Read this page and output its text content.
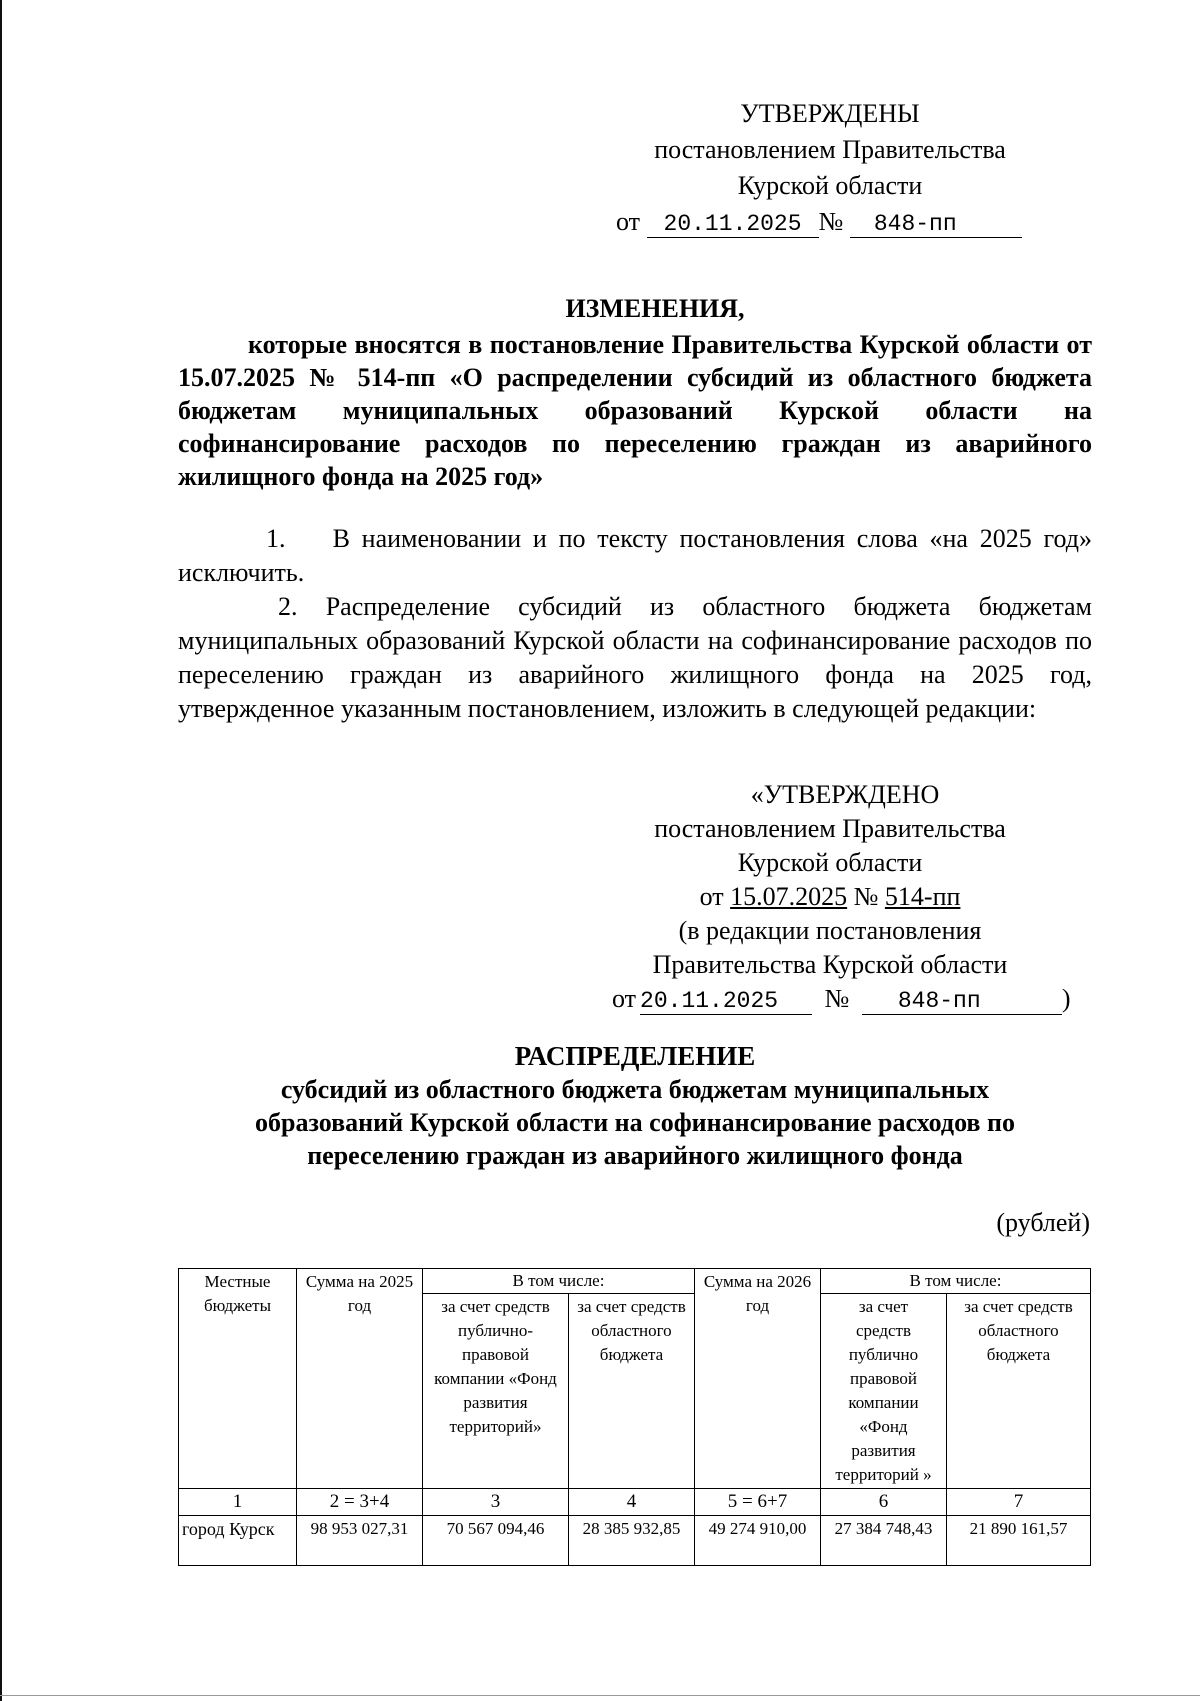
УТВЕРЖДЕНЫ
постановлением Правительства
Курской области
от 20.11.2025 № 848-пп
ИЗМЕНЕНИЯ,
которые вносятся в постановление Правительства Курской области от 15.07.2025 № 514-пп «О распределении субсидий из областного бюджета бюджетам муниципальных образований Курской области на софинансирование расходов по переселению граждан из аварийного жилищного фонда на 2025 год»

1.    В наименовании и по тексту постановления слова «на 2025 год» исключить.

2. Распределение субсидий из областного бюджета бюджетам муниципальных образований Курской области на софинансирование расходов по переселению граждан из аварийного жилищного фонда на 2025 год, утвержденное указанным постановлением, изложить в следующей редакции:

«УТВЕРЖДЕНО
постановлением Правительства
Курской области
от 15.07.2025 № 514-пп
(в редакции постановления
Правительства Курской области
от 20.11.2025 № 848-пп	)
РАСПРЕДЕЛЕНИЕ
субсидий из областного бюджета бюджетам муниципальных образований Курской области на софинансирование расходов по переселению граждан из аварийного жилищного фонда
(рублей)
Местные бюджеты	Сумма на 2025 год	В том числе:		Сумма на 2026 год	В том числе:	
		за счет средств публично-правовой компании «Фонд развития территорий»	за счет средств областного бюджета		за счет средств публично правовой компании «Фонд развития территорий »	за счет средств областного бюджета
1	2 = 3+4	3	4	5 = 6+7	6	7
город Курск	98 953 027,31	70 567 094,46	28 385 932,85	49 274 910,00	27 384 748,43	21 890 161,57
